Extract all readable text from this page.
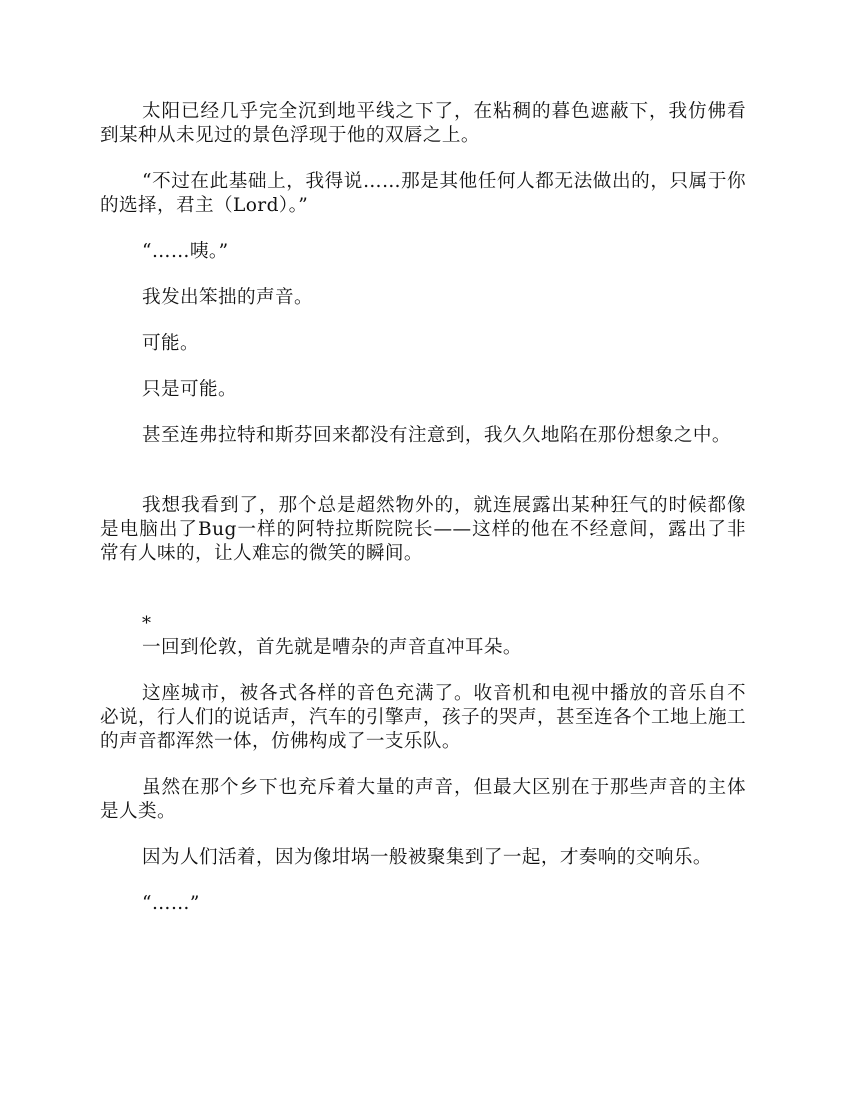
太阳已经几乎完全沉到地平线之下了，在粘稠的暮色遮蔽下，我仿佛看到某种从未见过的景色浮现于他的双唇之上。

“不过在此基础上，我得说……那是其他任何人都无法做出的，只属于你的选择，君主（Lord）。”

“……咦。”

我发出笨拙的声音。

可能。

只是可能。

甚至连弗拉特和斯芬回来都没有注意到，我久久地陷在那份想象之中。

我想我看到了，那个总是超然物外的，就连展露出某种狂气的时候都像是电脑出了Bug一样的阿特拉斯院院长——这样的他在不经意间，露出了非常有人味的，让人难忘的微笑的瞬间。

*

一回到伦敦，首先就是嘈杂的声音直冲耳朵。

这座城市，被各式各样的音色充满了。收音机和电视中播放的音乐自不必说，行人们的说话声，汽车的引擎声，孩子的哭声，甚至连各个工地上施工的声音都浑然一体，仿佛构成了一支乐队。

虽然在那个乡下也充斥着大量的声音，但最大区别在于那些声音的主体是人类。

因为人们活着，因为像坩埚一般被聚集到了一起，才奏响的交响乐。

“……”
